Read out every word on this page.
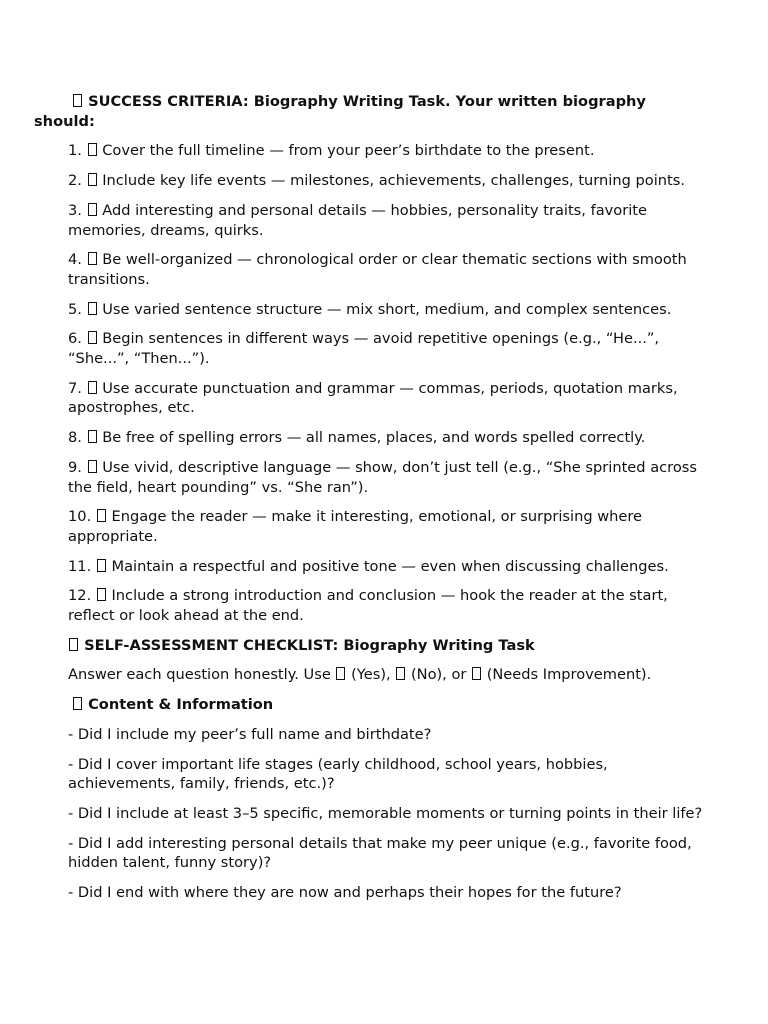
SUCCESS CRITERIA: Biography Writing Task. Your written biography should:

1. Cover the full timeline — from your peer’s birthdate to the present.

2. Include key life events — milestones, achievements, challenges, turning points.

3. Add interesting and personal details — hobbies, personality traits, favorite memories, dreams, quirks.

4. Be well-organized — chronological order or clear thematic sections with smooth transitions.

5. Use varied sentence structure — mix short, medium, and complex sentences.

6. Begin sentences in different ways — avoid repetitive openings (e.g., “He...”, “She...”, “Then...”).

7. Use accurate punctuation and grammar — commas, periods, quotation marks, apostrophes, etc.

8. Be free of spelling errors — all names, places, and words spelled correctly.

9. Use vivid, descriptive language — show, don’t just tell (e.g., “She sprinted across the field, heart pounding” vs. “She ran”).

10. Engage the reader — make it interesting, emotional, or surprising where appropriate.

11. Maintain a respectful and positive tone — even when discussing challenges.

12. Include a strong introduction and conclusion — hook the reader at the start, reflect or look ahead at the end.

SELF-ASSESSMENT CHECKLIST: Biography Writing Task

Answer each question honestly. Use (Yes), (No), or (Needs Improvement).

Content & Information

- Did I include my peer’s full name and birthdate?

- Did I cover important life stages (early childhood, school years, hobbies, achievements, family, friends, etc.)?

- Did I include at least 3–5 specific, memorable moments or turning points in their life?

- Did I add interesting personal details that make my peer unique (e.g., favorite food, hidden talent, funny story)?

- Did I end with where they are now and perhaps their hopes for the future?
